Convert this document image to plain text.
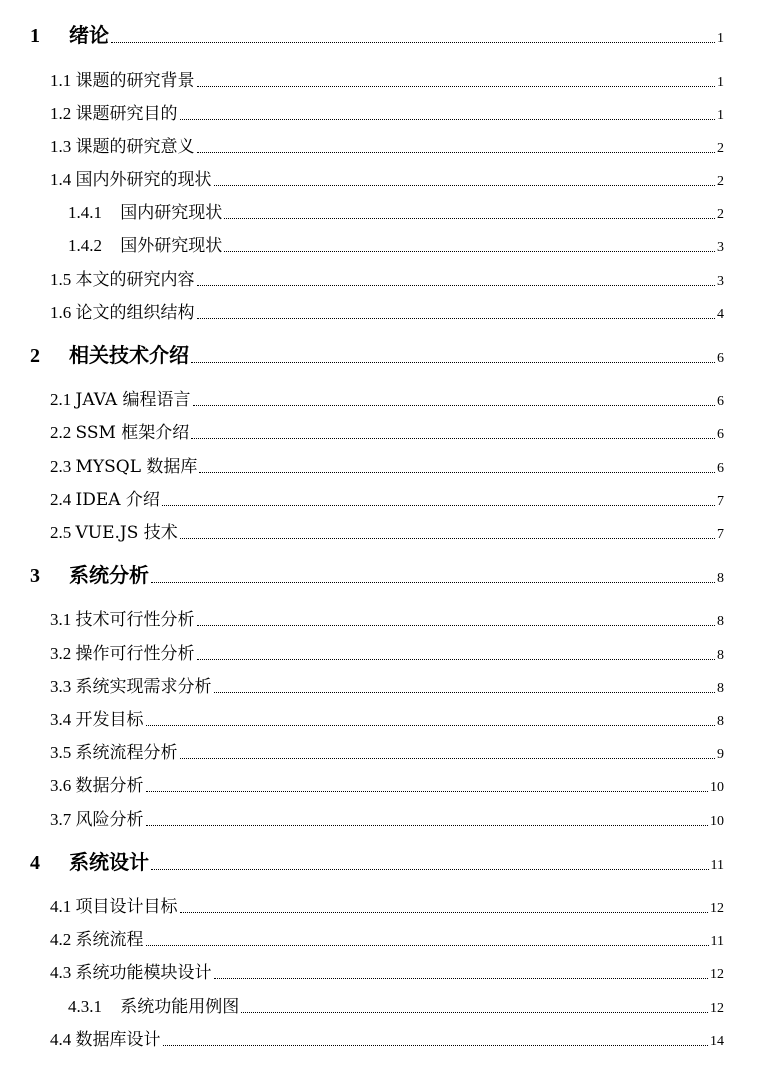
1 绪论	1
1.1 课题的研究背景	1
1.2 课题研究目的	1
1.3 课题的研究意义	2
1.4 国内外研究的现状	2
1.4.1 国内研究现状	2
1.4.2 国外研究现状	3
1.5 本文的研究内容	3
1.6 论文的组织结构	4
2 相关技术介绍	6
2.1 JAVA 编程语言	6
2.2 SSM 框架介绍	6
2.3 MYSQL 数据库	6
2.4 IDEA 介绍	7
2.5 VUE.JS 技术	7
3 系统分析	8
3.1 技术可行性分析	8
3.2 操作可行性分析	8
3.3 系统实现需求分析	8
3.4 开发目标	8
3.5 系统流程分析	9
3.6 数据分析	10
3.7 风险分析	10
4 系统设计	11
4.1 项目设计目标	12
4.2 系统流程	11
4.3 系统功能模块设计	12
4.3.1 系统功能用例图	12
4.4 数据库设计	14
